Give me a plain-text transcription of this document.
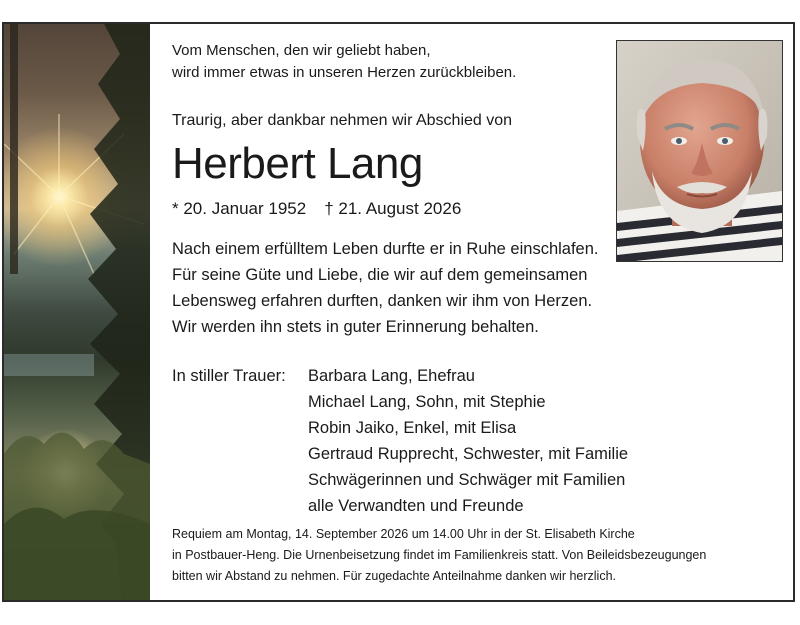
Vom Menschen, den wir geliebt haben,
wird immer etwas in unseren Herzen zurückbleiben.
Traurig, aber dankbar nehmen wir Abschied von
Herbert Lang
* 20. Januar 1952 † 21. August 2026
Nach einem erfülltem Leben durfte er in Ruhe einschlafen.
Für seine Güte und Liebe, die wir auf dem gemeinsamen
Lebensweg erfahren durften, danken wir ihm von Herzen.
Wir werden ihn stets in guter Erinnerung behalten.
In stiller Trauer: Barbara Lang, Ehefrau
Michael Lang, Sohn, mit Stephie
Robin Jaiko, Enkel, mit Elisa
Gertraud Rupprecht, Schwester, mit Familie
Schwägerinnen und Schwäger mit Familien
alle Verwandten und Freunde
Requiem am Montag, 14. September 2026 um 14.00 Uhr in der St. Elisabeth Kirche
in Postbauer-Heng. Die Urnenbeisetzung findet im Familienkreis statt. Von Beileidsbezeugungen
bitten wir Abstand zu nehmen. Für zugedachte Anteilnahme danken wir herzlich.
